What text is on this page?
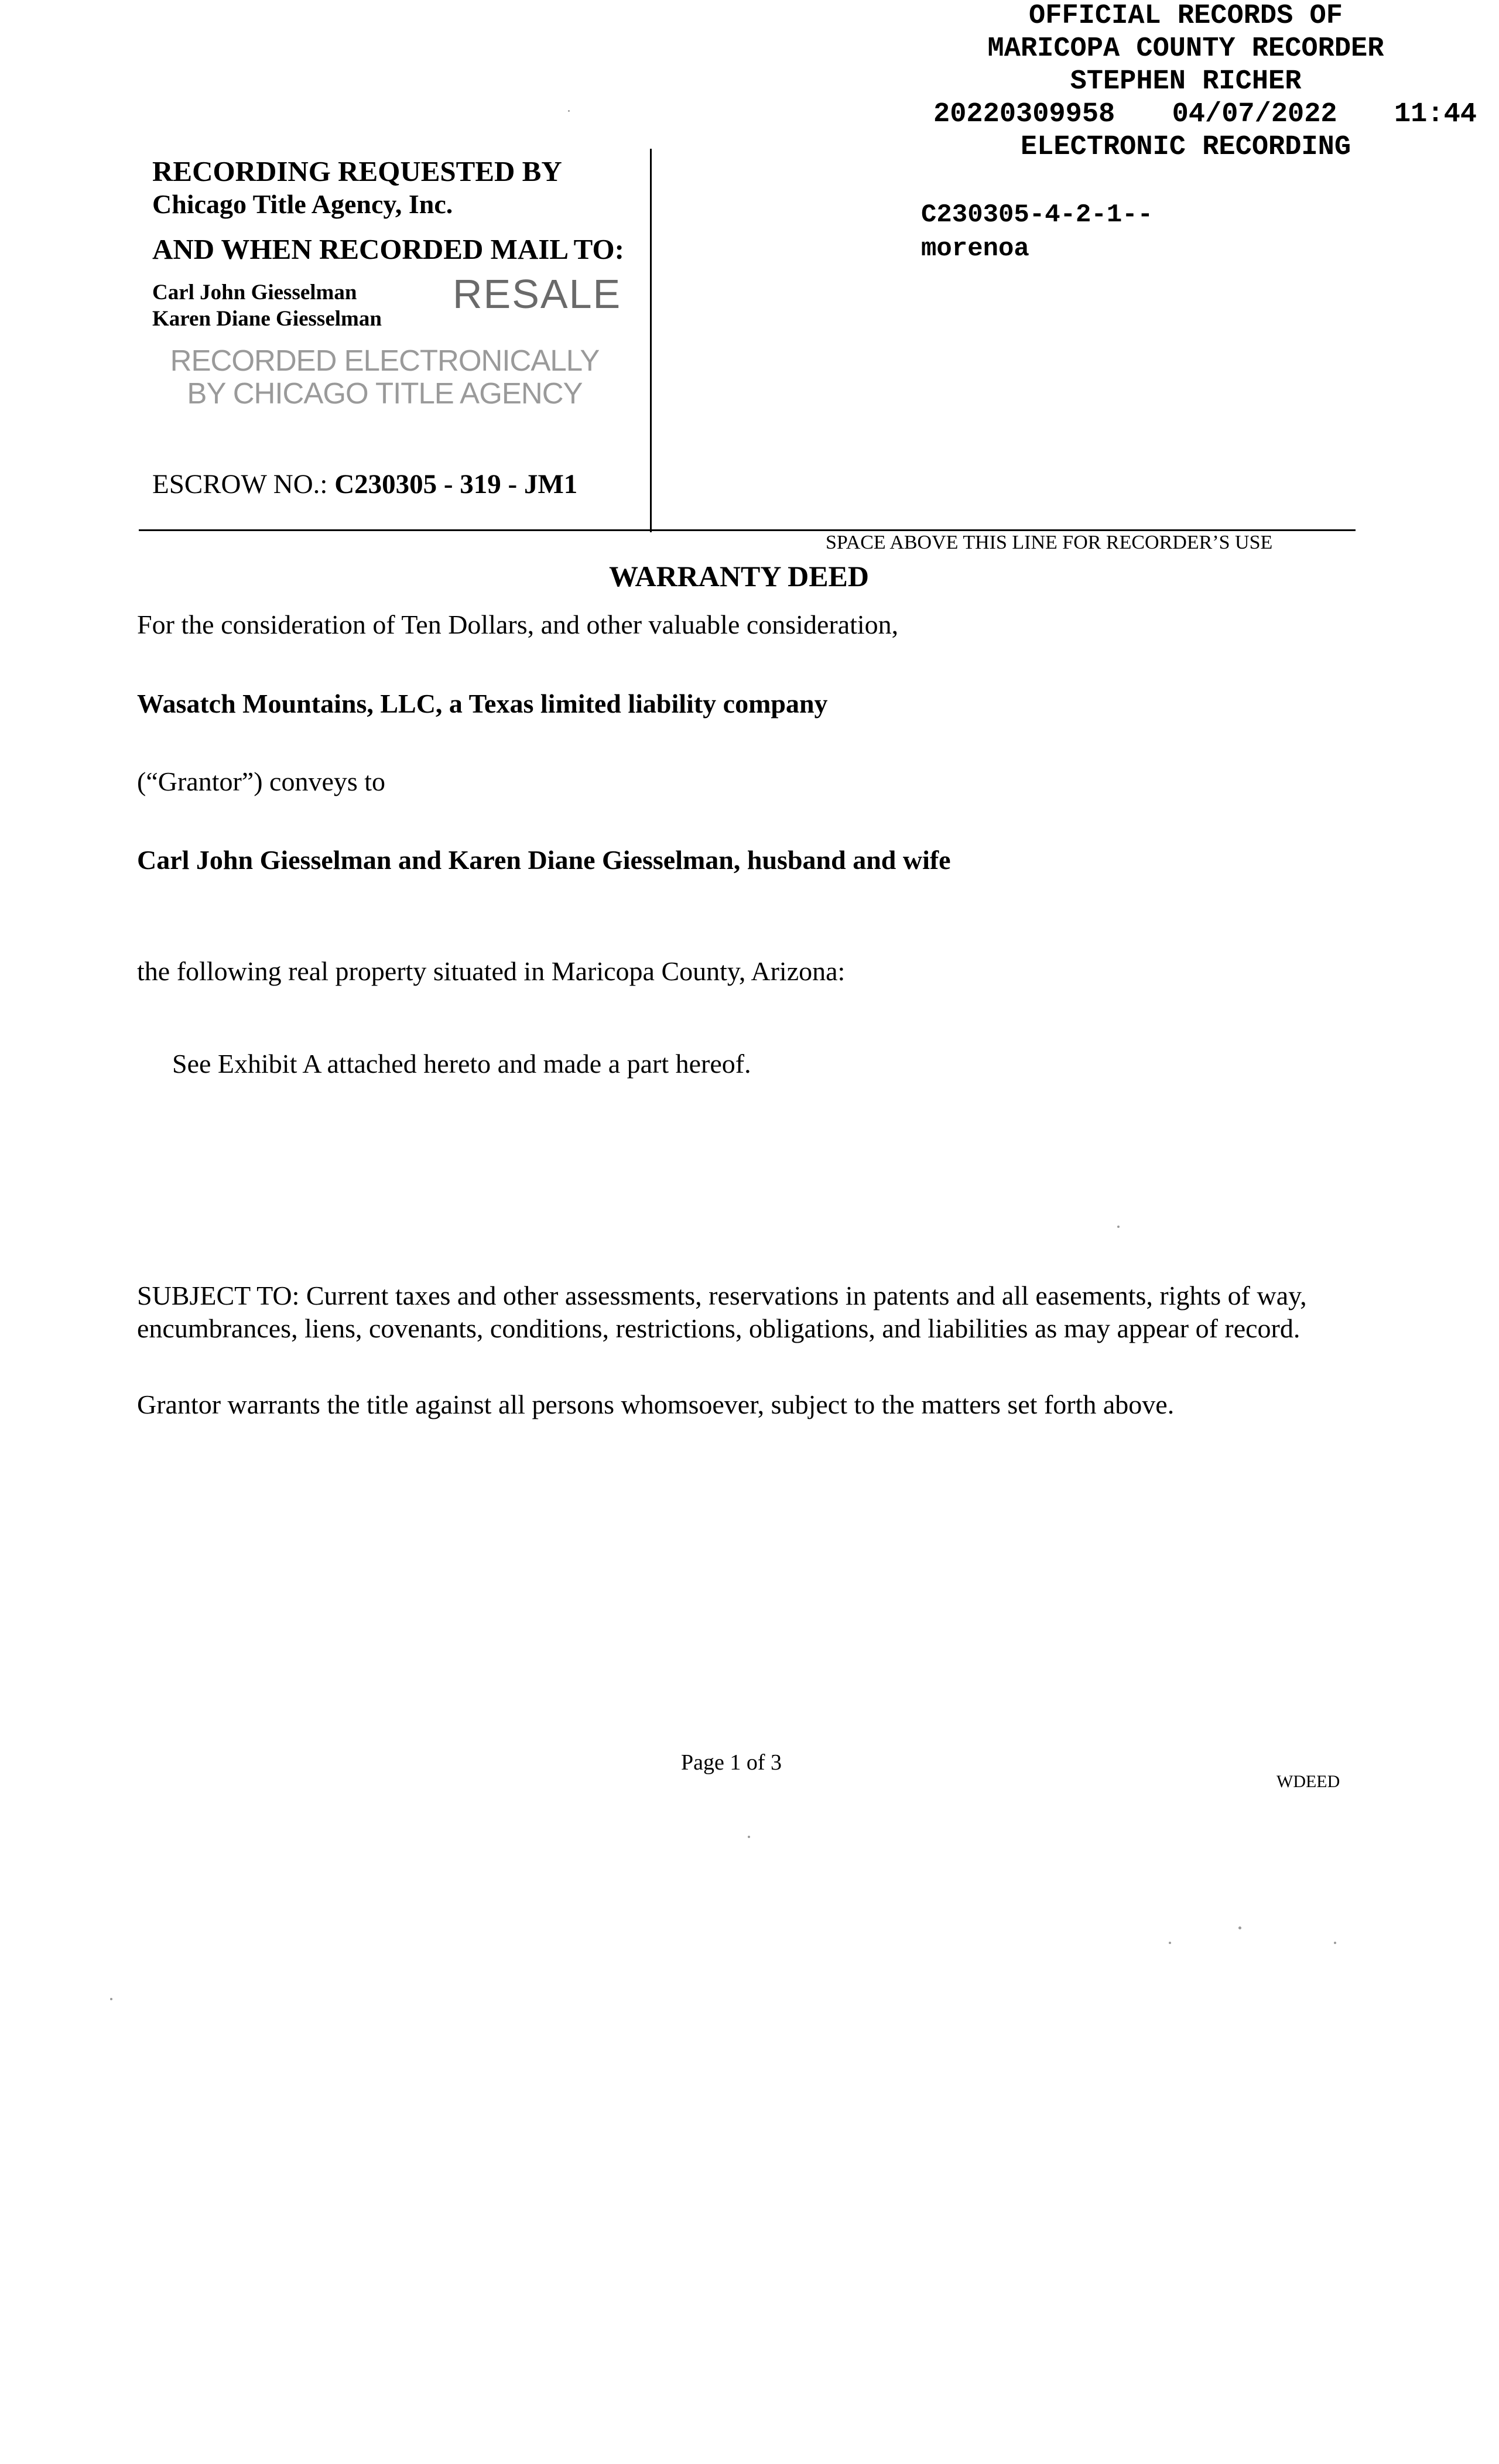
OFFICIAL RECORDS OF
MARICOPA COUNTY RECORDER
STEPHEN RICHER
20220309958 04/07/2022 11:44
ELECTRONIC RECORDING
C230305-4-2-1--
morenoa
RECORDING REQUESTED BY
Chicago Title Agency, Inc.
AND WHEN RECORDED MAIL TO:
Carl John Giesselman
Karen Diane Giesselman
RESALE
RECORDED ELECTRONICALLY
BY CHICAGO TITLE AGENCY
ESCROW NO.: C230305 - 319 - JM1
SPACE ABOVE THIS LINE FOR RECORDER’S USE
WARRANTY DEED
For the consideration of Ten Dollars, and other valuable consideration,
Wasatch Mountains, LLC, a Texas limited liability company
(“Grantor”) conveys to
Carl John Giesselman and Karen Diane Giesselman, husband and wife
the following real property situated in Maricopa County, Arizona:
See Exhibit A attached hereto and made a part hereof.
SUBJECT TO: Current taxes and other assessments, reservations in patents and all easements, rights of way, encumbrances, liens, covenants, conditions, restrictions, obligations, and liabilities as may appear of record.
Grantor warrants the title against all persons whomsoever, subject to the matters set forth above.
Page 1 of 3
WDEED
